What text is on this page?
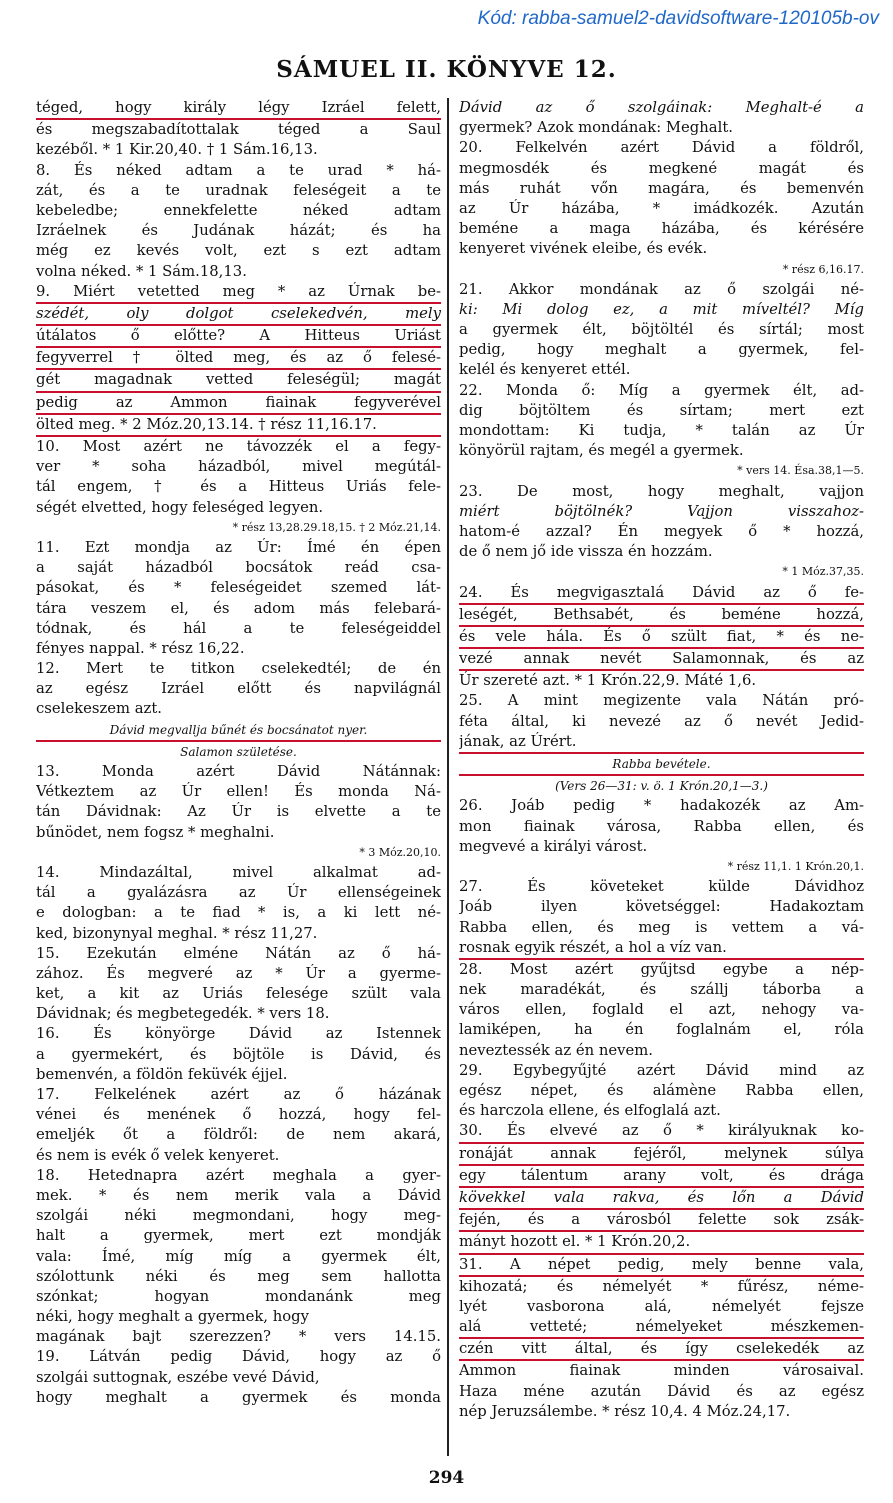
Kód: rabba-samuel2-davidsoftware-120105b-ov
SÁMUEL II. KÖNYVE 12.
téged, hogy király légy Izráel felett,
és megszabadítottalak téged a Saul
kezéből. * 1 Kir.20,40. † 1 Sám.16,13.
8. És néked adtam a te urad * há-
zát, és a te uradnak feleségeit a te
kebeledbe; ennekfelette néked adtam
Izráelnek és Judának házát; és ha
még ez kevés volt, ezt s ezt adtam
volna néked. * 1 Sám.18,13.
9. Miért vetetted meg * az Úrnak be-
szédét, oly dolgot cselekedvén, mely
útálatos ő előtte? A Hitteus Uriást
fegyverrel † ölted meg, és az ő felesé-
gét magadnak vetted feleségül; magát
pedig az Ammon fiainak fegyverével
ölted meg. * 2 Móz.20,13.14. † rész 11,16.17.
10. Most azért ne távozzék el a fegy-
ver * soha házadból, mivel megútál-
tál engem, † és a Hitteus Uriás fele-
ségét elvetted, hogy feleséged legyen.
* rész 13,28.29.18,15. † 2 Móz.21,14.
11. Ezt mondja az Úr: Ímé én épen
a saját házadból bocsátok reád csa-
pásokat, és * feleségeidet szemed lát-
tára veszem el, és adom más felebará-
tódnak, és hál a te feleségeiddel
fényes nappal. * rész 16,22.
12. Mert te titkon cselekedtél; de én
az egész Izráel előtt és napvilágnál
cselekeszem azt.
Dávid megvallja bűnét és bocsánatot nyer.
Salamon születése.
13. Monda azért Dávid Nátánnak:
Vétkeztem az Úr ellen! És monda Ná-
tán Dávidnak: Az Úr is elvette a te
bűnödet, nem fogsz * meghalni.
* 3 Móz.20,10.
14. Mindazáltal, mivel alkalmat ad-
tál a gyalázásra az Úr ellenségeinek
e dologban: a te fiad * is, a ki lett né-
ked, bizonynyal meghal. * rész 11,27.
15. Ezekután elméne Nátán az ő há-
zához. És megveré az * Úr a gyerme-
ket, a kit az Uriás felesége szült vala
Dávidnak; és megbetegedék. * vers 18.
16. És könyörge Dávid az Istennek
a gyermekért, és böjtöle is Dávid, és
bemenvén, a földön feküvék éjjel.
17. Felkelének azért az ő házának
vénei és menének ő hozzá, hogy fel-
emeljék őt a földről: de nem akará,
és nem is evék ő velek kenyeret.
18. Hetednapra azért meghala a gyer-
mek. * és nem merik vala a Dávid
szolgái néki megmondani, hogy meg-
halt a gyermek, mert ezt mondják
vala: Ímé, míg míg a gyermek élt,
szólottunk néki és meg sem hallotta
szónkat; hogyan mondanánk meg
néki, hogy meghalt a gyermek, hogy
magának bajt szerezzen? * vers 14.15.
19. Látván pedig Dávid, hogy az ő
szolgái suttognak, eszébe vevé Dávid,
hogy meghalt a gyermek és monda
Dávid az ő szolgáinak: Meghalt-é a
gyermek? Azok mondának: Meghalt.
20. Felkelvén azért Dávid a földről,
megmosdék és megkené magát és
más ruhát vőn magára, és bemenvén
az Úr házába, * imádkozék. Azután
beméne a maga házába, és kérésére
kenyeret vivének eleibe, és evék.
* rész 6,16.17.
21. Akkor mondának az ő szolgái né-
ki: Mi dolog ez, a mit míveltél? Míg
a gyermek élt, böjtöltél és sírtál; most
pedig, hogy meghalt a gyermek, fel-
kelél és kenyeret ettél.
22. Monda ő: Míg a gyermek élt, ad-
dig böjtöltem és sírtam; mert ezt
mondottam: Ki tudja, * talán az Úr
könyörül rajtam, és megél a gyermek.
* vers 14. Ésa.38,1—5.
23. De most, hogy meghalt, vajjon
miért böjtölnék? Vajjon visszahoz-
hatom-é azzal? Én megyek ő * hozzá,
de ő nem jő ide vissza én hozzám.
* 1 Móz.37,35.
24. És megvigasztalá Dávid az ő fe-
leségét, Bethsabét, és beméne hozzá,
és vele hála. És ő szült fiat, * és ne-
vezé annak nevét Salamonnak, és az
Úr szereté azt. * 1 Krón.22,9. Máté 1,6.
25. A mint megizente vala Nátán pró-
féta által, ki nevezé az ő nevét Jedid-
jának, az Úrért.
Rabba bevétele.
(Vers 26—31: v. ö. 1 Krón.20,1—3.)
26. Joáb pedig * hadakozék az Am-
mon fiainak városa, Rabba ellen, és
megvevé a királyi várost.
* rész 11,1. 1 Krón.20,1.
27. És követeket külde Dávidhoz
Joáb ilyen követséggel: Hadakoztam
Rabba ellen, és meg is vettem a vá-
rosnak egyik részét, a hol a víz van.
28. Most azért gyűjtsd egybe a nép-
nek maradékát, és szállj táborba a
város ellen, foglald el azt, nehogy va-
lamiképen, ha én foglalnám el, róla
neveztessék az én nevem.
29. Egybegyűjté azért Dávid mind az
egész népet, és alámène Rabba ellen,
és harczola ellene, és elfoglalá azt.
30. És elvevé az ő * királyuknak ko-
ronáját annak fejéről, melynek súlya
egy tálentum arany volt, és drága
kövekkel vala rakva, és lőn a Dávid
fején, és a városból felette sok zsák-
mányt hozott el. * 1 Krón.20,2.
31. A népet pedig, mely benne vala,
kihozatá; és némelyét * fűrész, néme-
lyét vasborona alá, némelyét fejsze
alá vetteté; némelyeket mészkemen-
czén vitt által, és így cselekedék az
Ammon fiainak minden városaival.
Haza méne azután Dávid és az egész
nép Jeruzsálembe. * rész 10,4. 4 Móz.24,17.
294
